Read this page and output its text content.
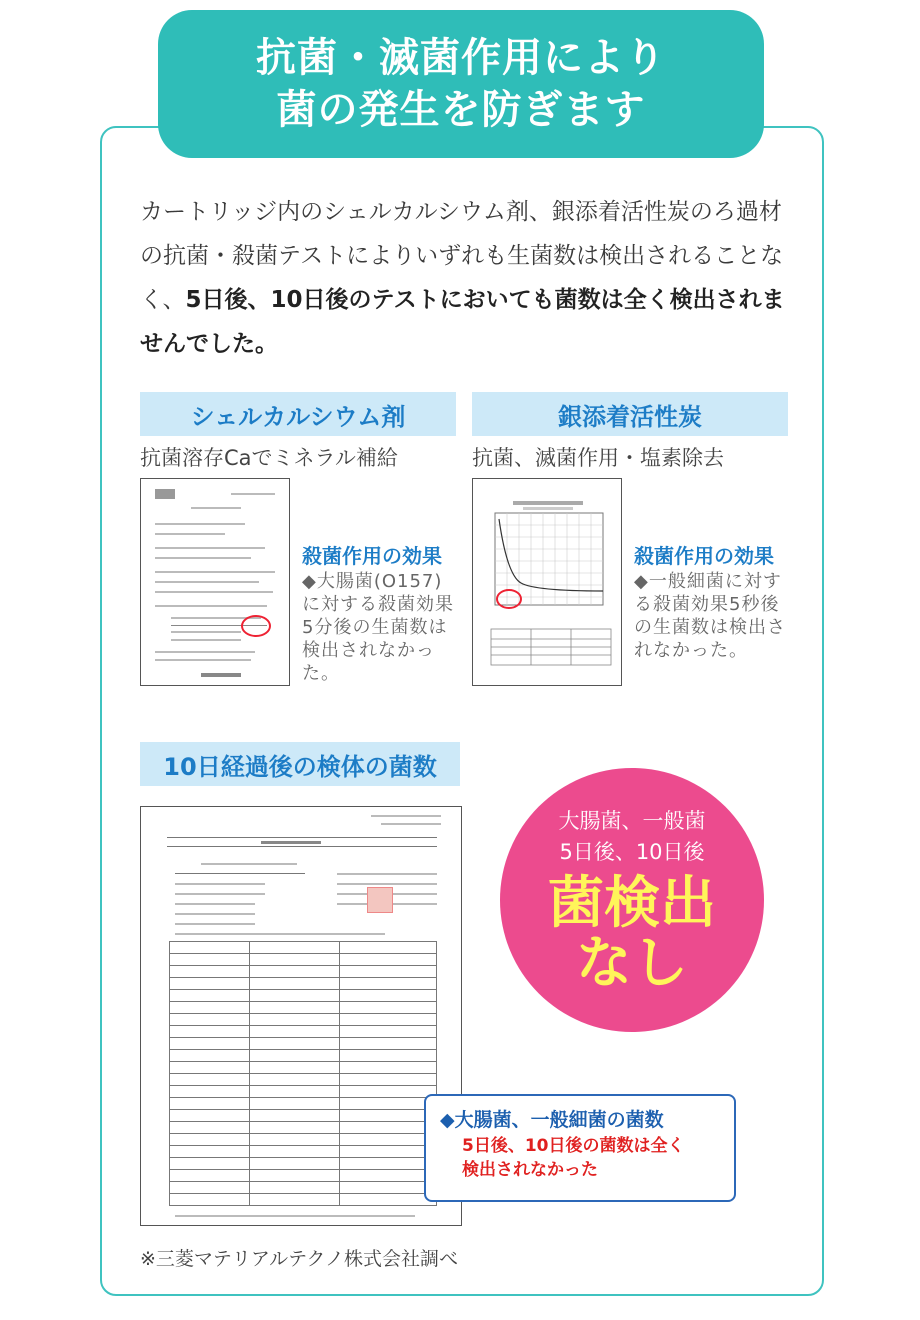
抗菌・滅菌作用により
菌の発生を防ぎます
カートリッジ内のシェルカルシウム剤、銀添着活性炭のろ過材の抗菌・殺菌テストによりいずれも生菌数は検出されることなく、5日後、10日後のテストにおいても菌数は全く検出されませんでした。
シェルカルシウム剤
抗菌溶存Caでミネラル補給
殺菌作用の効果
◆大腸菌(O157)に対する殺菌効果5分後の生菌数は検出されなかった。
銀添着活性炭
抗菌、滅菌作用・塩素除去
殺菌作用の効果
◆一般細菌に対する殺菌効果5秒後の生菌数は検出されなかった。
10日経過後の検体の菌数

大腸菌、一般菌
5日後、10日後
菌検出
なし
◆大腸菌、一般細菌の菌数
5日後、10日後の菌数は全く
検出されなかった
※三菱マテリアルテクノ株式会社調べ
